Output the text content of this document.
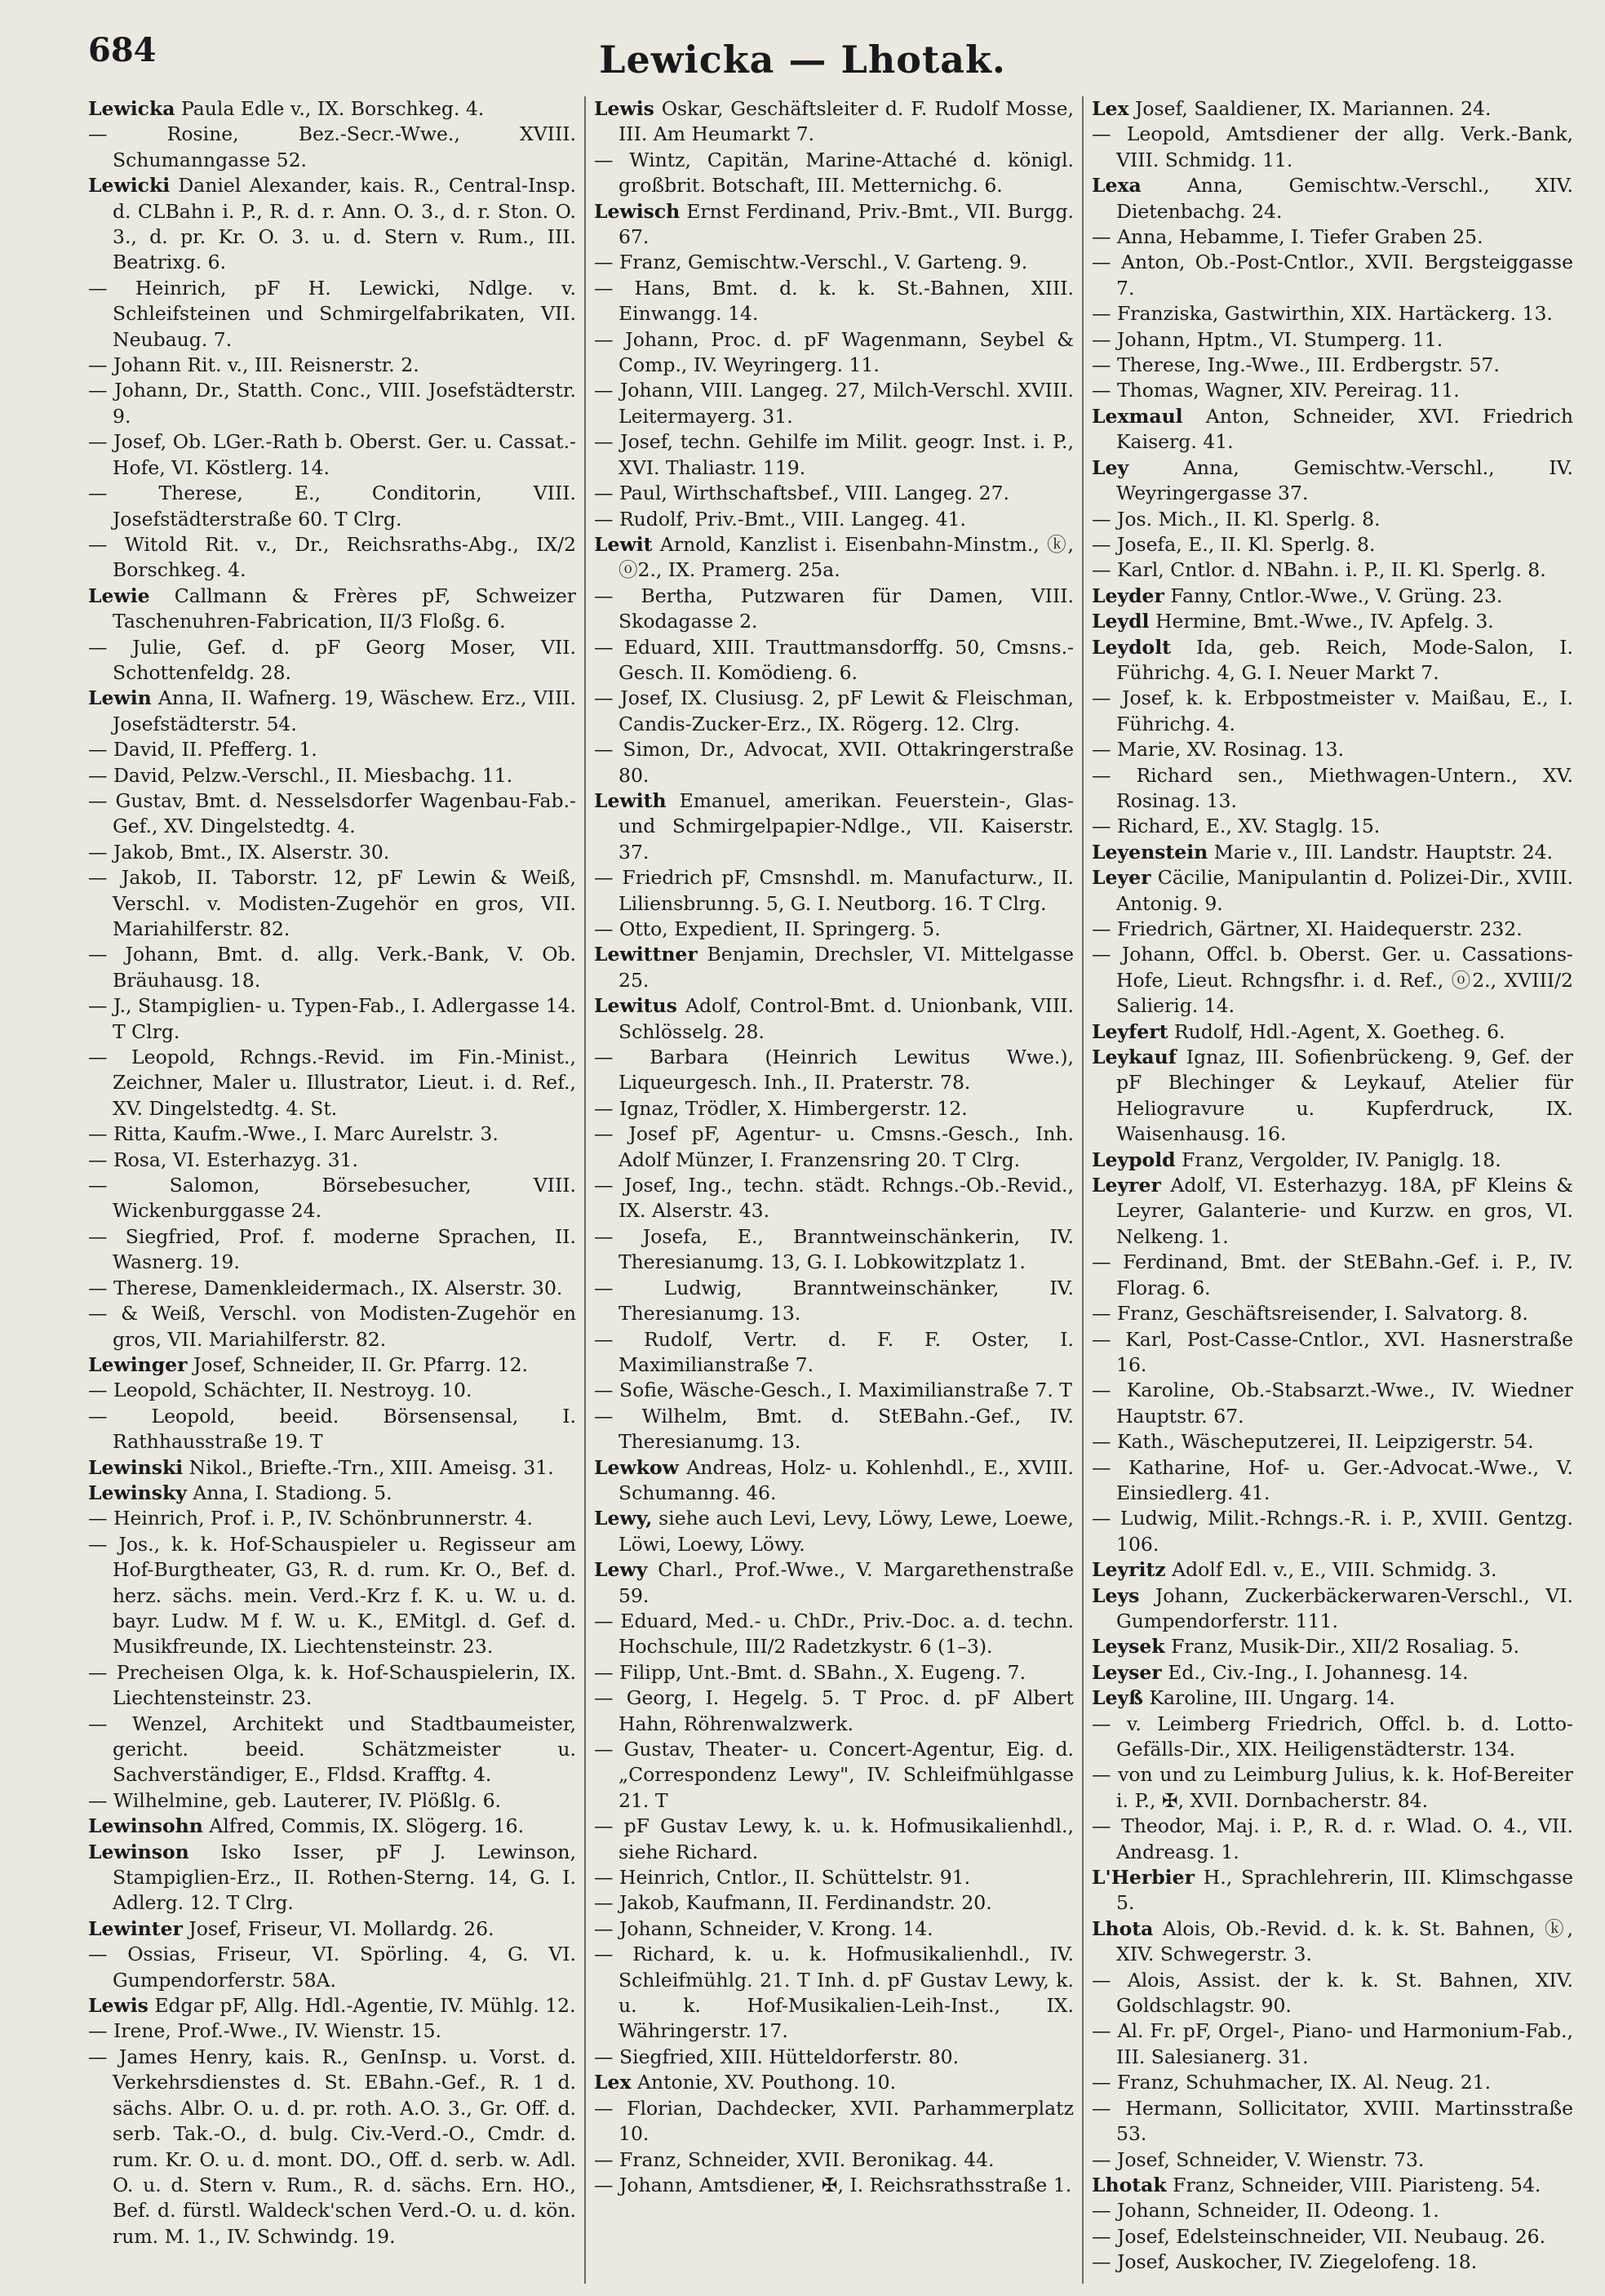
684	Lewicka — Lhotak.

Lewicka Paula Edle v., IX. Borschkeg. 4.

— Rosine, Bez.-Secr.-Wwe., XVIII. Schumanngasse 52.

Lewicki Daniel Alexander, kais. R., Central-Insp. d. CLBahn i. P., R. d. r. Ann. O. 3., d. r. Ston. O. 3., d. pr. Kr. O. 3. u. d. Stern v. Rum., III. Beatrixg. 6.

— Heinrich, pF H. Lewicki, Ndlge. v. Schleifsteinen und Schmirgelfabrikaten, VII. Neubaug. 7.

— Johann Rit. v., III. Reisnerstr. 2.

— Johann, Dr., Statth. Conc., VIII. Josefstädterstr. 9.

— Josef, Ob. LGer.-Rath b. Oberst. Ger. u. Cassat.-Hofe, VI. Köstlerg. 14.

— Therese, E., Conditorin, VIII. Josefstädterstraße 60. T Clrg.

— Witold Rit. v., Dr., Reichsraths-Abg., IX/2 Borschkeg. 4.

Lewie Callmann & Frères pF, Schweizer Taschenuhren-Fabrication, II/3 Floßg. 6.

— Julie, Gef. d. pF Georg Moser, VII. Schottenfeldg. 28.

Lewin Anna, II. Wafnerg. 19, Wäschew. Erz., VIII. Josefstädterstr. 54.

— David, II. Pfefferg. 1.

— David, Pelzw.-Verschl., II. Miesbachg. 11.

— Gustav, Bmt. d. Nesselsdorfer Wagenbau-Fab.-Gef., XV. Dingelstedtg. 4.

— Jakob, Bmt., IX. Alserstr. 30.

— Jakob, II. Taborstr. 12, pF Lewin & Weiß, Verschl. v. Modisten-Zugehör en gros, VII. Mariahilferstr. 82.

— Johann, Bmt. d. allg. Verk.-Bank, V. Ob. Bräuhausg. 18.

— J., Stampiglien- u. Typen-Fab., I. Adlergasse 14. T Clrg.

— Leopold, Rchngs.-Revid. im Fin.-Minist., Zeichner, Maler u. Illustrator, Lieut. i. d. Ref., XV. Dingelstedtg. 4. St.

— Ritta, Kaufm.-Wwe., I. Marc Aurelstr. 3.

— Rosa, VI. Esterhazyg. 31.

— Salomon, Börsebesucher, VIII. Wickenburggasse 24.

— Siegfried, Prof. f. moderne Sprachen, II. Wasnerg. 19.

— Therese, Damenkleidermach., IX. Alserstr. 30.

— & Weiß, Verschl. von Modisten-Zugehör en gros, VII. Mariahilferstr. 82.

Lewinger Josef, Schneider, II. Gr. Pfarrg. 12.

— Leopold, Schächter, II. Nestroyg. 10.

— Leopold, beeid. Börsensensal, I. Rathhausstraße 19. T

Lewinski Nikol., Briefte.-Trn., XIII. Ameisg. 31.

Lewinsky Anna, I. Stadiong. 5.

— Heinrich, Prof. i. P., IV. Schönbrunnerstr. 4.

— Jos., k. k. Hof-Schauspieler u. Regisseur am Hof-Burgtheater, G3, R. d. rum. Kr. O., Bef. d. herz. sächs. mein. Verd.-Krz f. K. u. W. u. d. bayr. Ludw. M f. W. u. K., EMitgl. d. Gef. d. Musikfreunde, IX. Liechtensteinstr. 23.

— Precheisen Olga, k. k. Hof-Schauspielerin, IX. Liechtensteinstr. 23.

— Wenzel, Architekt und Stadtbaumeister, gericht. beeid. Schätzmeister u. Sachverständiger, E., Fldsd. Krafftg. 4.

— Wilhelmine, geb. Lauterer, IV. Plößlg. 6.

Lewinsohn Alfred, Commis, IX. Slögerg. 16.

Lewinson Isko Isser, pF J. Lewinson, Stampiglien-Erz., II. Rothen-Sterng. 14, G. I. Adlerg. 12. T Clrg.

Lewinter Josef, Friseur, VI. Mollardg. 26.

— Ossias, Friseur, VI. Spörling. 4, G. VI. Gumpendorferstr. 58A.

Lewis Edgar pF, Allg. Hdl.-Agentie, IV. Mühlg. 12.

— Irene, Prof.-Wwe., IV. Wienstr. 15.

— James Henry, kais. R., GenInsp. u. Vorst. d. Verkehrsdienstes d. St. EBahn.-Gef., R. 1 d. sächs. Albr. O. u. d. pr. roth. A.O. 3., Gr. Off. d. serb. Tak.-O., d. bulg. Civ.-Verd.-O., Cmdr. d. rum. Kr. O. u. d. mont. DO., Off. d. serb. w. Adl. O. u. d. Stern v. Rum., R. d. sächs. Ern. HO., Bef. d. fürstl. Waldeck'schen Verd.-O. u. d. kön. rum. M. 1., IV. Schwindg. 19.

Lewis Oskar, Geschäftsleiter d. F. Rudolf Mosse, III. Am Heumarkt 7.

— Wintz, Capitän, Marine-Attaché d. königl. großbrit. Botschaft, III. Metternichg. 6.

Lewisch Ernst Ferdinand, Priv.-Bmt., VII. Burgg. 67.

— Franz, Gemischtw.-Verschl., V. Garteng. 9.

— Hans, Bmt. d. k. k. St.-Bahnen, XIII. Einwangg. 14.

— Johann, Proc. d. pF Wagenmann, Seybel & Comp., IV. Weyringerg. 11.

— Johann, VIII. Langeg. 27, Milch-Verschl. XVIII. Leitermayerg. 31.

— Josef, techn. Gehilfe im Milit. geogr. Inst. i. P., XVI. Thaliastr. 119.

— Paul, Wirthschaftsbef., VIII. Langeg. 27.

— Rudolf, Priv.-Bmt., VIII. Langeg. 41.

Lewit Arnold, Kanzlist i. Eisenbahn-Minstm., ⓚ, ⓞ2., IX. Pramerg. 25a.

— Bertha, Putzwaren für Damen, VIII. Skodagasse 2.

— Eduard, XIII. Trauttmansdorffg. 50, Cmsns.-Gesch. II. Komödieng. 6.

— Josef, IX. Clusiusg. 2, pF Lewit & Fleischman, Candis-Zucker-Erz., IX. Rögerg. 12. Clrg.

— Simon, Dr., Advocat, XVII. Ottakringerstraße 80.

Lewith Emanuel, amerikan. Feuerstein-, Glas- und Schmirgelpapier-Ndlge., VII. Kaiserstr. 37.

— Friedrich pF, Cmsnshdl. m. Manufacturw., II. Liliensbrunng. 5, G. I. Neutborg. 16. T Clrg.

— Otto, Expedient, II. Springerg. 5.

Lewittner Benjamin, Drechsler, VI. Mittelgasse 25.

Lewitus Adolf, Control-Bmt. d. Unionbank, VIII. Schlösselg. 28.

— Barbara (Heinrich Lewitus Wwe.), Liqueurgesch. Inh., II. Praterstr. 78.

— Ignaz, Trödler, X. Himbergerstr. 12.

— Josef pF, Agentur- u. Cmsns.-Gesch., Inh. Adolf Münzer, I. Franzensring 20. T Clrg.

— Josef, Ing., techn. städt. Rchngs.-Ob.-Revid., IX. Alserstr. 43.

— Josefa, E., Branntweinschänkerin, IV. Theresianumg. 13, G. I. Lobkowitzplatz 1.

— Ludwig, Branntweinschänker, IV. Theresianumg. 13.

— Rudolf, Vertr. d. F. F. Oster, I. Maximilianstraße 7.

— Sofie, Wäsche-Gesch., I. Maximilianstraße 7. T

— Wilhelm, Bmt. d. StEBahn.-Gef., IV. Theresianumg. 13.

Lewkow Andreas, Holz- u. Kohlenhdl., E., XVIII. Schumanng. 46.

Lewy, siehe auch Levi, Levy, Löwy, Lewe, Loewe, Löwi, Loewy, Löwy.

Lewy Charl., Prof.-Wwe., V. Margarethenstraße 59.

— Eduard, Med.- u. ChDr., Priv.-Doc. a. d. techn. Hochschule, III/2 Radetzkystr. 6 (1–3).

— Filipp, Unt.-Bmt. d. SBahn., X. Eugeng. 7.

— Georg, I. Hegelg. 5. T Proc. d. pF Albert Hahn, Röhrenwalzwerk.

— Gustav, Theater- u. Concert-Agentur, Eig. d. „Correspondenz Lewy", IV. Schleifmühlgasse 21. T

— pF Gustav Lewy, k. u. k. Hofmusikalienhdl., siehe Richard.

— Heinrich, Cntlor., II. Schüttelstr. 91.

— Jakob, Kaufmann, II. Ferdinandstr. 20.

— Johann, Schneider, V. Krong. 14.

— Richard, k. u. k. Hofmusikalienhdl., IV. Schleifmühlg. 21. T Inh. d. pF Gustav Lewy, k. u. k. Hof-Musikalien-Leih-Inst., IX. Währingerstr. 17.

— Siegfried, XIII. Hütteldorferstr. 80.

Lex Antonie, XV. Pouthong. 10.

— Florian, Dachdecker, XVII. Parhammerplatz 10.

— Franz, Schneider, XVII. Beronikag. 44.

— Johann, Amtsdiener, ✠, I. Reichsrathsstraße 1.

Lex Josef, Saaldiener, IX. Mariannen. 24.

— Leopold, Amtsdiener der allg. Verk.-Bank, VIII. Schmidg. 11.

Lexa Anna, Gemischtw.-Verschl., XIV. Dietenbachg. 24.

— Anna, Hebamme, I. Tiefer Graben 25.

— Anton, Ob.-Post-Cntlor., XVII. Bergsteiggasse 7.

— Franziska, Gastwirthin, XIX. Hartäckerg. 13.

— Johann, Hptm., VI. Stumperg. 11.

— Therese, Ing.-Wwe., III. Erdbergstr. 57.

— Thomas, Wagner, XIV. Pereirag. 11.

Lexmaul Anton, Schneider, XVI. Friedrich Kaiserg. 41.

Ley	Anna, Gemischtw.-Verschl., IV. Weyringergasse 37.

— Jos. Mich., II. Kl. Sperlg. 8.

— Josefa, E., II. Kl. Sperlg. 8.

— Karl, Cntlor. d. NBahn. i. P., II. Kl. Sperlg. 8.

Leyder Fanny, Cntlor.-Wwe., V. Grüng. 23.

Leydl Hermine, Bmt.-Wwe., IV. Apfelg. 3.

Leydolt Ida, geb. Reich, Mode-Salon, I. Führichg. 4, G. I. Neuer Markt 7.

— Josef, k. k. Erbpostmeister v. Maißau, E., I. Führichg. 4.

— Marie, XV. Rosinag. 13.

— Richard sen., Miethwagen-Untern., XV. Rosinag. 13.

— Richard, E., XV. Staglg. 15.

Leyenstein Marie v., III. Landstr. Hauptstr. 24.

Leyer Cäcilie, Manipulantin d. Polizei-Dir., XVIII. Antonig. 9.

— Friedrich, Gärtner, XI. Haidequerstr. 232.

— Johann, Offcl. b. Oberst. Ger. u. Cassations-Hofe, Lieut. Rchngsfhr. i. d. Ref., ⓞ2., XVIII/2 Salierig. 14.

Leyfert Rudolf, Hdl.-Agent, X. Goetheg. 6.

Leykauf Ignaz, III. Sofienbrückeng. 9, Gef. der pF Blechinger & Leykauf, Atelier für Heliogravure u. Kupferdruck, IX. Waisenhausg. 16.

Leypold Franz, Vergolder, IV. Paniglg. 18.

Leyrer Adolf, VI. Esterhazyg. 18A, pF Kleins & Leyrer, Galanterie- und Kurzw. en gros, VI. Nelkeng. 1.

— Ferdinand, Bmt. der StEBahn.-Gef. i. P., IV. Florag. 6.

— Franz, Geschäftsreisender, I. Salvatorg. 8.

— Karl, Post-Casse-Cntlor., XVI. Hasnerstraße 16.

— Karoline, Ob.-Stabsarzt.-Wwe., IV. Wiedner Hauptstr. 67.

— Kath., Wäscheputzerei, II. Leipzigerstr. 54.

— Katharine, Hof- u. Ger.-Advocat.-Wwe., V. Einsiedlerg. 41.

— Ludwig, Milit.-Rchngs.-R. i. P., XVIII. Gentzg. 106.

Leyritz Adolf Edl. v., E., VIII. Schmidg. 3.

Leys Johann, Zuckerbäckerwaren-Verschl., VI. Gumpendorferstr. 111.

Leysek Franz, Musik-Dir., XII/2 Rosaliag. 5.

Leyser Ed., Civ.-Ing., I. Johannesg. 14.

Leyß Karoline, III. Ungarg. 14.

— v. Leimberg Friedrich, Offcl. b. d. Lotto-Gefälls-Dir., XIX. Heiligenstädterstr. 134.

— von und zu Leimburg Julius, k. k. Hof-Bereiter i. P., ✠, XVII. Dornbacherstr. 84.

— Theodor, Maj. i. P., R. d. r. Wlad. O. 4., VII. Andreasg. 1.

L'Herbier H., Sprachlehrerin, III. Klimschgasse 5.

Lhota Alois, Ob.-Revid. d. k. k. St. Bahnen, ⓚ, XIV. Schwegerstr. 3.

— Alois, Assist. der k. k. St. Bahnen, XIV. Goldschlagstr. 90.

— Al. Fr. pF, Orgel-, Piano- und Harmonium-Fab., III. Salesianerg. 31.

— Franz, Schuhmacher, IX. Al. Neug. 21.

— Hermann, Sollicitator, XVIII. Martinsstraße 53.

— Josef, Schneider, V. Wienstr. 73.

Lhotak Franz, Schneider, VIII. Piaristeng. 54.

— Johann, Schneider, II. Odeong. 1.

— Josef, Edelsteinschneider, VII. Neubaug. 26.

— Josef, Auskocher, IV. Ziegelofeng. 18.
